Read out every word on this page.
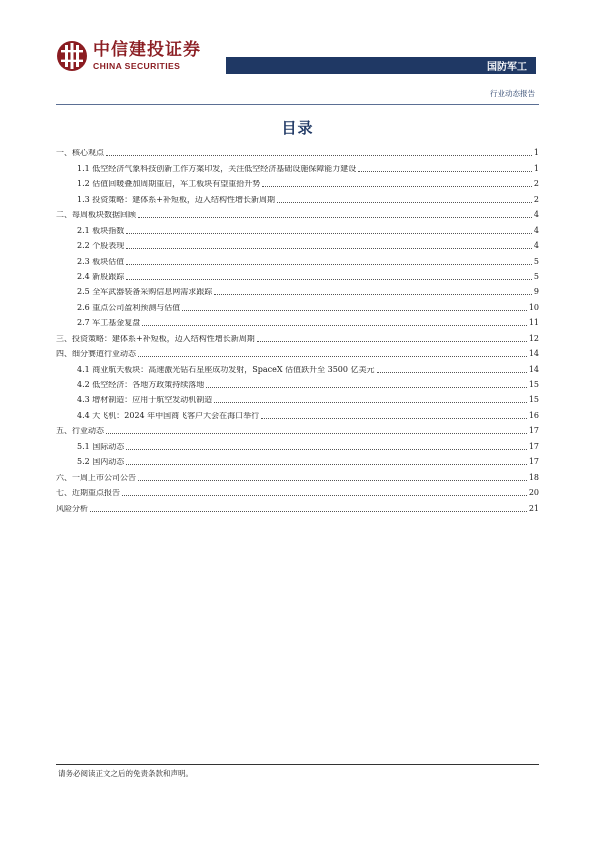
中信建投证券
CHINA SECURITIES	国防军工
行业动态报告
目录
一、核心观点	1
1.1 低空经济气象科技创新工作方案印发，关注低空经济基础设施保障能力建设	1
1.2 估值回暖叠加周期重启，军工板块有望重拾升势	2
1.3 投资策略：建体系+补短板，迈入结构性增长新周期	2
二、每周板块数据回顾	4
2.1 板块指数	4
2.2 个股表现	4
2.3 板块估值	5
2.4 新股跟踪	5
2.5 全军武器装备采购信息网需求跟踪	9
2.6 重点公司盈利预测与估值	10
2.7 军工基金复盘	11
三、投资策略：建体系+补短板，迈入结构性增长新周期	12
四、细分赛道行业动态	14
4.1 商业航天板块：高速激光钻石星座成功发射，SpaceX 估值跃升至 3500 亿美元	14
4.2 低空经济：各地方政策持续落地	15
4.3 增材制造：应用于航空发动机制造	15
4.4 大飞机：2024 年中国商飞客户大会在海口举行	16
五、行业动态	17
5.1 国际动态	17
5.2 国内动态	17
六、一周上市公司公告	18
七、近期重点报告	20
风险分析	21
请务必阅读正文之后的免责条款和声明。
